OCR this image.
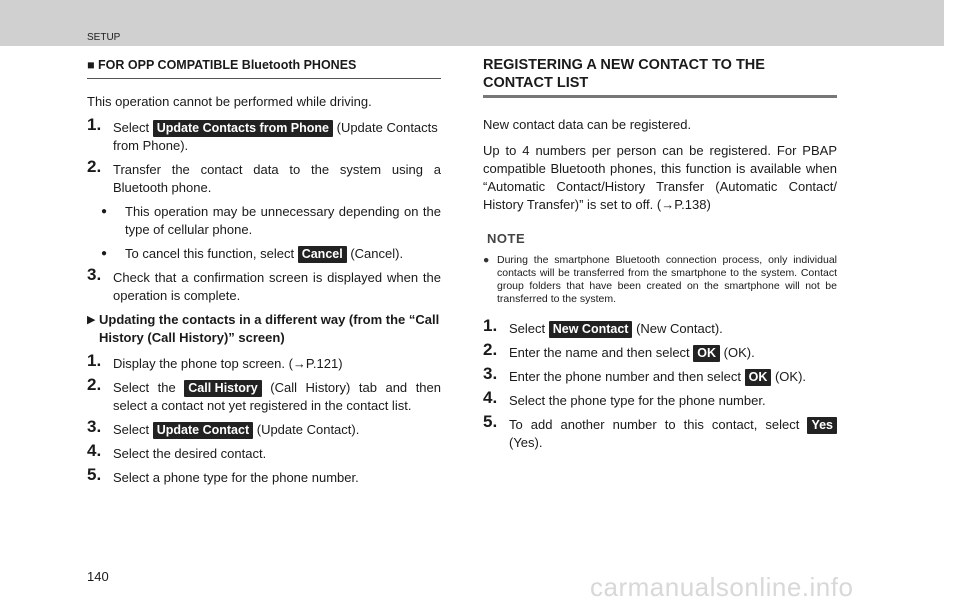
SETUP
■ FOR OPP COMPATIBLE Bluetooth PHONES

This operation cannot be performed while driving.

1. Select Update Contacts from Phone (Update Contacts from Phone).
2. Transfer the contact data to the system using a Bluetooth phone.
●	This operation may be unnecessary depending on the type of cellular phone.
●	To cancel this function, select Cancel (Cancel).
3. Check that a confirmation screen is displayed when the operation is complete.
▶ Updating the contacts in a different way (from the “Call History (Call History)” screen)
1. Display the phone top screen. (→P.121)
2. Select the Call History (Call History) tab and then select a contact not yet registered in the contact list.
3. Select Update Contact (Update Contact).
4. Select the desired contact.
5. Select a phone type for the phone number.
REGISTERING A NEW CONTACT TO THE CONTACT LIST

New contact data can be registered.

Up to 4 numbers per person can be registered. For PBAP compatible Bluetooth phones, this function is available when “Automatic Contact/History Transfer (Automatic Contact/ History Transfer)” is set to off. (→P.138)

NOTE
● During the smartphone Bluetooth connection process, only individual contacts will be transferred from the smartphone to the system. Contact group folders that have been created on the smartphone will not be transferred to the system.
1. Select New Contact (New Contact).
2. Enter the name and then select OK (OK).
3. Enter the phone number and then select OK (OK).
4. Select the phone type for the phone number.
5. To add another number to this contact, select Yes (Yes).
140	carmanualsonline.info
